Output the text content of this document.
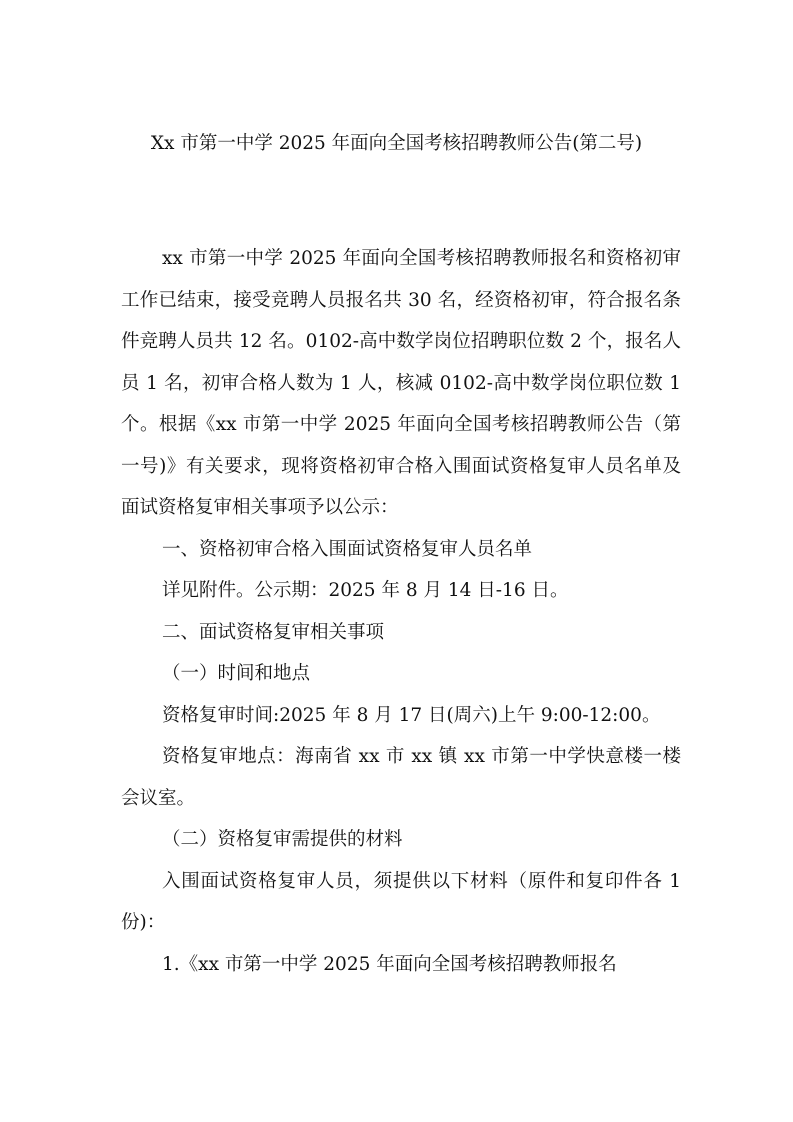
Xx 市第一中学 2025 年面向全国考核招聘教师公告(第二号)

xx 市第一中学 2025 年面向全国考核招聘教师报名和资格初审工作已结束，接受竞聘人员报名共 30 名，经资格初审，符合报名条件竞聘人员共 12 名。0102-高中数学岗位招聘职位数 2 个，报名人员 1 名，初审合格人数为 1 人，核减 0102-高中数学岗位职位数 1 个。根据《xx 市第一中学 2025 年面向全国考核招聘教师公告（第一号)》有关要求，现将资格初审合格入围面试资格复审人员名单及面试资格复审相关事项予以公示：

一、资格初审合格入围面试资格复审人员名单

详见附件。公示期：2025 年 8 月 14 日-16 日。

二、面试资格复审相关事项

（一）时间和地点

资格复审时间:2025 年 8 月 17 日(周六)上午 9:00-12:00。

资格复审地点：海南省 xx 市 xx 镇 xx 市第一中学快意楼一楼会议室。

（二）资格复审需提供的材料

入围面试资格复审人员，须提供以下材料（原件和复印件各 1 份)：

1.《xx 市第一中学 2025 年面向全国考核招聘教师报名
